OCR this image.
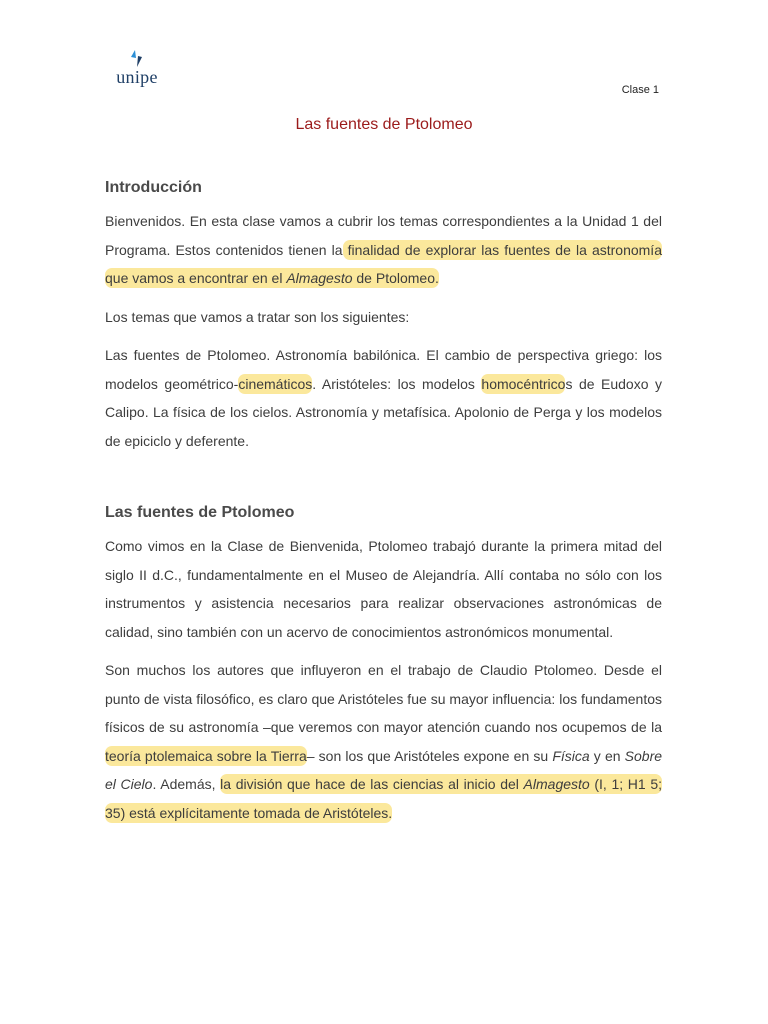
unipe
Clase 1
Las fuentes de Ptolomeo
Introducción

Bienvenidos. En esta clase vamos a cubrir los temas correspondientes a la Unidad 1 del Programa. Estos contenidos tienen la finalidad de explorar las fuentes de la astronomía que vamos a encontrar en el Almagesto de Ptolomeo.

Los temas que vamos a tratar son los siguientes:

Las fuentes de Ptolomeo. Astronomía babilónica. El cambio de perspectiva griego: los modelos geométrico-cinemáticos. Aristóteles: los modelos homocéntricos de Eudoxo y Calipo. La física de los cielos. Astronomía y metafísica. Apolonio de Perga y los modelos de epiciclo y deferente.

Las fuentes de Ptolomeo

Como vimos en la Clase de Bienvenida, Ptolomeo trabajó durante la primera mitad del siglo II d.C., fundamentalmente en el Museo de Alejandría. Allí contaba no sólo con los instrumentos y asistencia necesarios para realizar observaciones astronómicas de calidad, sino también con un acervo de conocimientos astronómicos monumental.

Son muchos los autores que influyeron en el trabajo de Claudio Ptolomeo. Desde el punto de vista filosófico, es claro que Aristóteles fue su mayor influencia: los fundamentos físicos de su astronomía –que veremos con mayor atención cuando nos ocupemos de la teoría ptolemaica sobre la Tierra– son los que Aristóteles expone en su Física y en Sobre el Cielo. Además, la división que hace de las ciencias al inicio del Almagesto (I, 1; H1 5; 35) está explícitamente tomada de Aristóteles.
